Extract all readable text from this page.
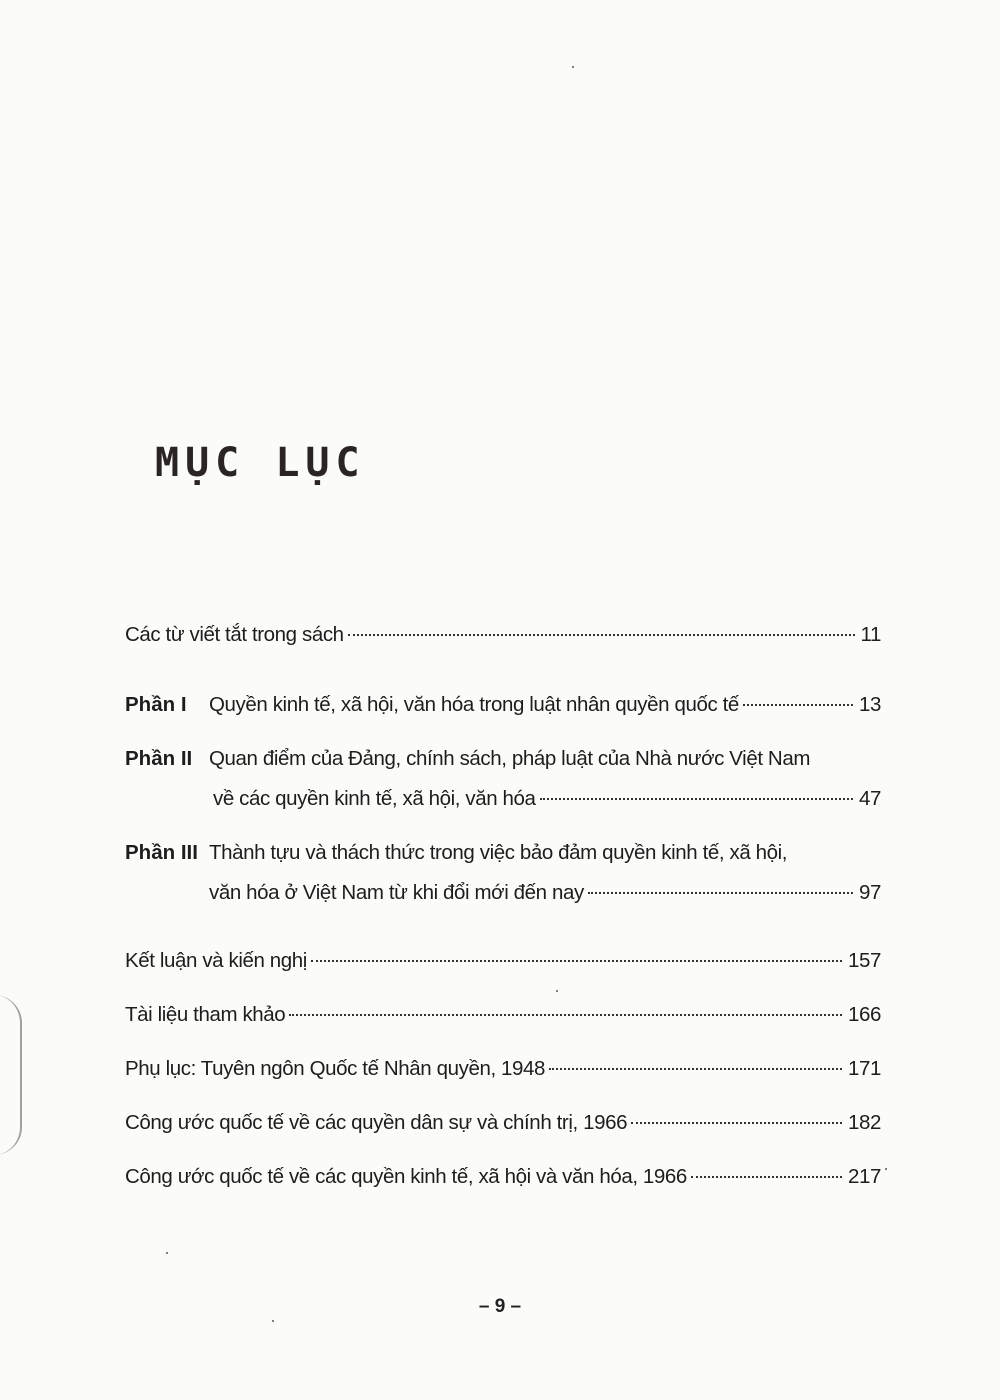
MỤC LỤC
Các từ viết tắt trong sách	11
Phần I	Quyền kinh tế, xã hội, văn hóa trong luật nhân quyền quốc tế	13
Phần II Quan điểm của Đảng, chính sách, pháp luật của Nhà nước Việt Nam
về các quyền kinh tế, xã hội, văn hóa	47
Phần III Thành tựu và thách thức trong việc bảo đảm quyền kinh tế, xã hội,
văn hóa ở Việt Nam từ khi đổi mới đến nay	97
Kết luận và kiến nghị	157
Tài liệu tham khảo	166
Phụ lục: Tuyên ngôn Quốc tế Nhân quyền, 1948	171
Công ước quốc tế về các quyền dân sự và chính trị, 1966	182
Công ước quốc tế về các quyền kinh tế, xã hội và văn hóa, 1966	217
– 9 –
